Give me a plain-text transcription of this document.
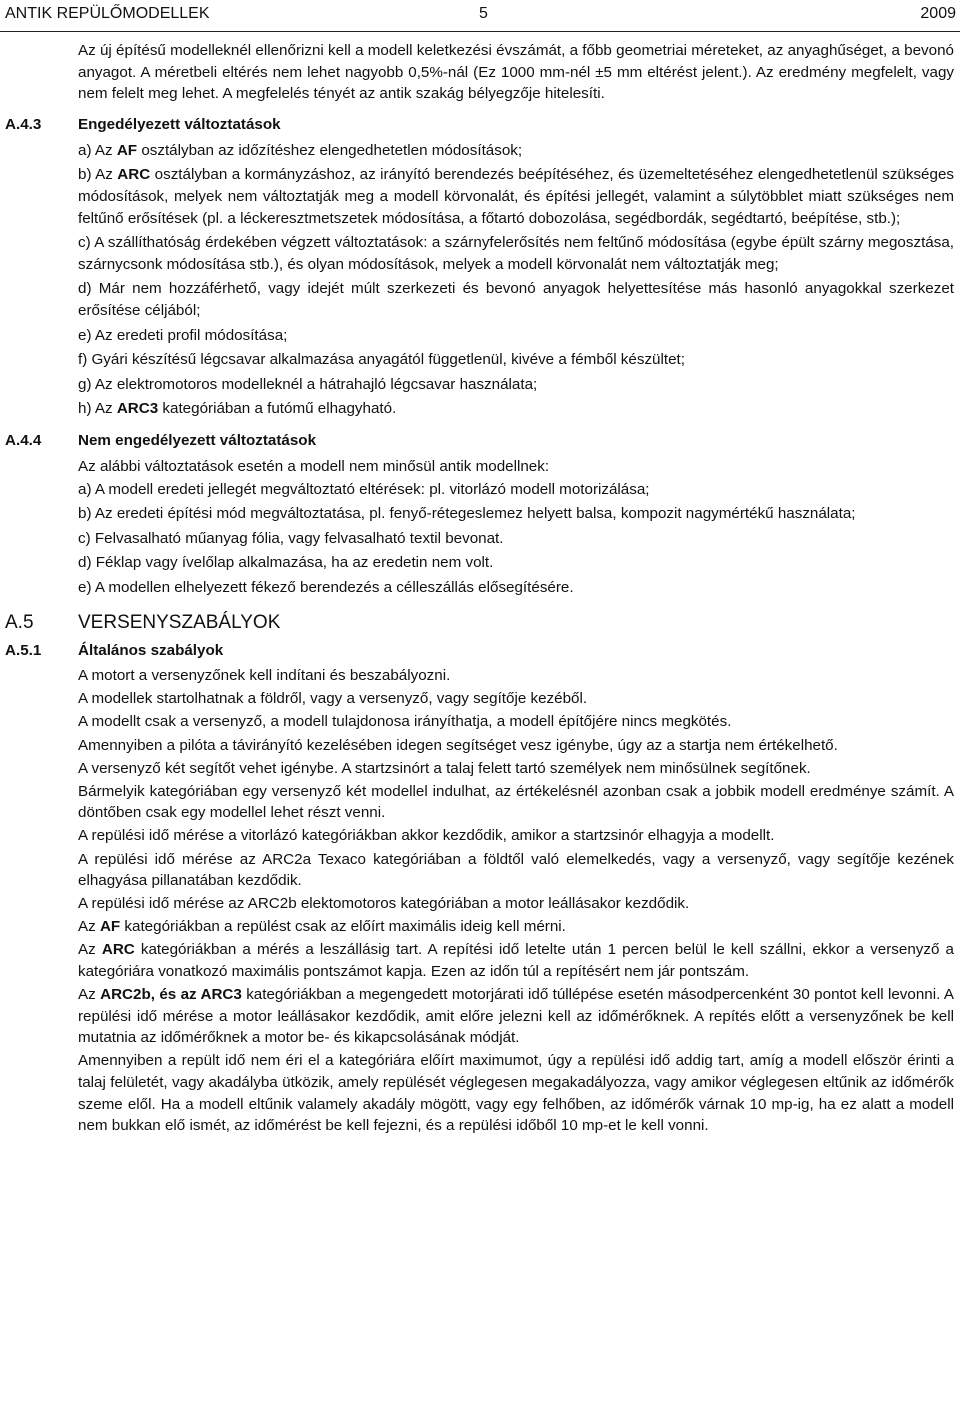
ANTIK REPÜLŐMODELLEK	5	2009

Az új építésű modelleknél ellenőrizni kell a modell keletkezési évszámát, a főbb geometriai méreteket, az anyaghűséget, a bevonó anyagot. A méretbeli eltérés nem lehet nagyobb 0,5%-nál (Ez 1000 mm-nél ±5 mm eltérést jelent.). Az eredmény megfelelt, vagy nem felelt meg lehet. A megfelelés tényét az antik szakág bélyegzője hitelesíti.

A.4.3 Engedélyezett változtatások
a) Az AF osztályban az időzítéshez elengedhetetlen módosítások;
b) Az ARC osztályban a kormányzáshoz, az irányító berendezés beépítéséhez, és üzemeltetéséhez elengedhetetlenül szükséges módosítások, melyek nem változtatják meg a modell körvonalát, és építési jellegét, valamint a súlytöbblet miatt szükséges nem feltűnő erősítések (pl. a léckeresztmetszetek módosítása, a főtartó dobozolása, segédbordák, segédtartó, beépítése, stb.);
c) A szállíthatóság érdekében végzett változtatások: a szárnyfelerősítés nem feltűnő módosítása (egybe épült szárny megosztása, szárnycsonk módosítása stb.), és olyan módosítások, melyek a modell körvonalát nem változtatják meg;
d) Már nem hozzáférhető, vagy idejét múlt szerkezeti és bevonó anyagok helyettesítése más hasonló anyagokkal szerkezet erősítése céljából;
e) Az eredeti profil módosítása;
f) Gyári készítésű légcsavar alkalmazása anyagától függetlenül, kivéve a fémből készültet;
g) Az elektromotoros modelleknél a hátrahajló légcsavar használata;
h) Az ARC3 kategóriában a futómű elhagyható.
A.4.4 Nem engedélyezett változtatások

Az alábbi változtatások esetén a modell nem minősül antik modellnek:

a) A modell eredeti jellegét megváltoztató eltérések: pl. vitorlázó modell motorizálása;
b) Az eredeti építési mód megváltoztatása, pl. fenyő-rétegeslemez helyett balsa, kompozit nagymértékű használata;
c) Felvasalható műanyag fólia, vagy felvasalható textil bevonat.
d) Féklap vagy ívelőlap alkalmazása, ha az eredetin nem volt.
e) A modellen elhelyezett fékező berendezés a célleszállás elősegítésére.
A.5 VERSENYSZABÁLYOK
A.5.1 Általános szabályok

A motort a versenyzőnek kell indítani és beszabályozni.

A modellek startolhatnak a földről, vagy a versenyző, vagy segítője kezéből.

A modellt csak a versenyző, a modell tulajdonosa irányíthatja, a modell építőjére nincs megkötés.

Amennyiben a pilóta a távirányító kezelésében idegen segítséget vesz igénybe, úgy az a startja nem értékelhető.

A versenyző két segítőt vehet igénybe. A startzsinórt a talaj felett tartó személyek nem minősülnek segítőnek.

Bármelyik kategóriában egy versenyző két modellel indulhat, az értékelésnél azonban csak a jobbik modell eredménye számít. A döntőben csak egy modellel lehet részt venni.

A repülési idő mérése a vitorlázó kategóriákban akkor kezdődik, amikor a startzsinór elhagyja a modellt.

A repülési idő mérése az ARC2a Texaco kategóriában a földtől való elemelkedés, vagy a versenyző, vagy segítője kezének elhagyása pillanatában kezdődik.

A repülési idő mérése az ARC2b elektomotoros kategóriában a motor leállásakor kezdődik.

Az AF kategóriákban a repülést csak az előírt maximális ideig kell mérni.

Az ARC kategóriákban a mérés a leszállásig tart. A repítési idő letelte után 1 percen belül le kell szállni, ekkor a versenyző a kategóriára vonatkozó maximális pontszámot kapja. Ezen az időn túl a repítésért nem jár pontszám.

Az ARC2b, és az ARC3 kategóriákban a megengedett motorjárati idő túllépése esetén másodpercenként 30 pontot kell levonni. A repülési idő mérése a motor leállásakor kezdődik, amit előre jelezni kell az időmérőknek. A repítés előtt a versenyzőnek be kell mutatnia az időmérőknek a motor be- és kikapcsolásának módját.

Amennyiben a repült idő nem éri el a kategóriára előírt maximumot, úgy a repülési idő addig tart, amíg a modell először érinti a talaj felületét, vagy akadályba ütközik, amely repülését véglegesen megakadályozza, vagy amikor véglegesen eltűnik az időmérők szeme elől. Ha a modell eltűnik valamely akadály mögött, vagy egy felhőben, az időmérők várnak 10 mp-ig, ha ez alatt a modell nem bukkan elő ismét, az időmérést be kell fejezni, és a repülési időből 10 mp-et le kell vonni.
